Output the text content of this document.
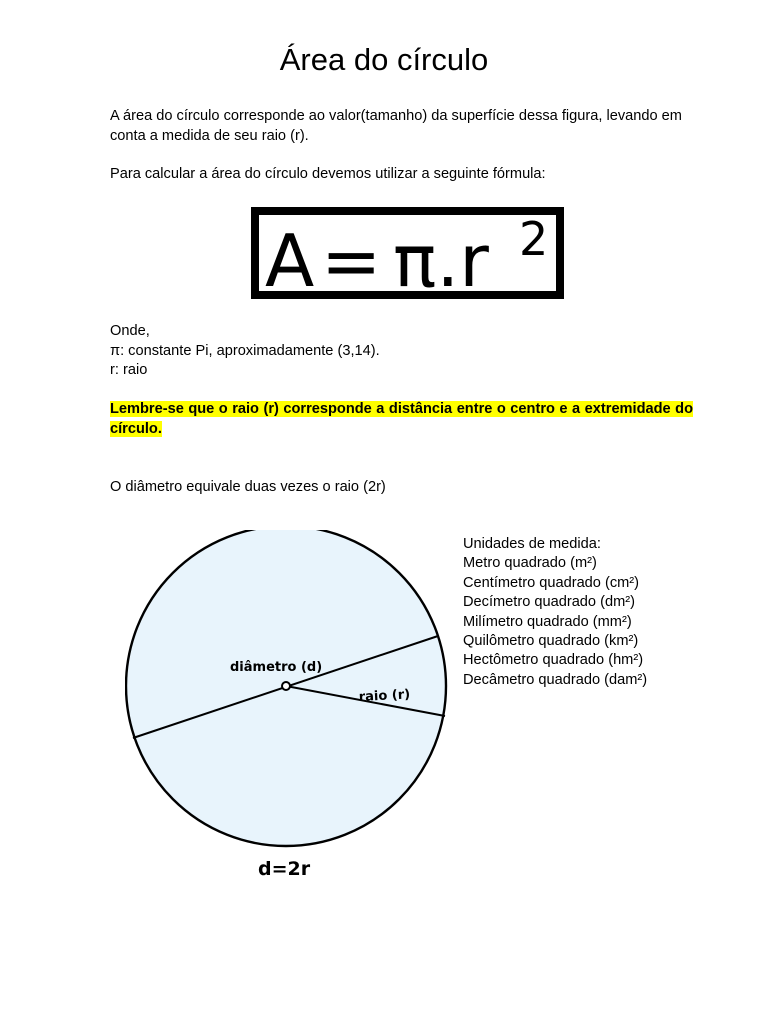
Área do círculo
A área do círculo corresponde ao valor(tamanho) da superfície dessa figura, levando em conta a medida de seu raio (r).
Para calcular a área do círculo devemos utilizar a seguinte fórmula:
A = π.r 2
Onde,
π: constante Pi, aproximadamente (3,14).
r: raio
Lembre-se que o raio (r) corresponde a distância entre o centro e a extremidade do círculo.
O diâmetro equivale duas vezes o raio (2r)
diâmetro (d)
raio (r)
d=2r
Unidades de medida:
Metro quadrado (m²)
Centímetro quadrado (cm²)
Decímetro quadrado (dm²)
Milímetro quadrado (mm²)
Quilômetro quadrado (km²)
Hectômetro quadrado (hm²)
Decâmetro quadrado (dam²)
